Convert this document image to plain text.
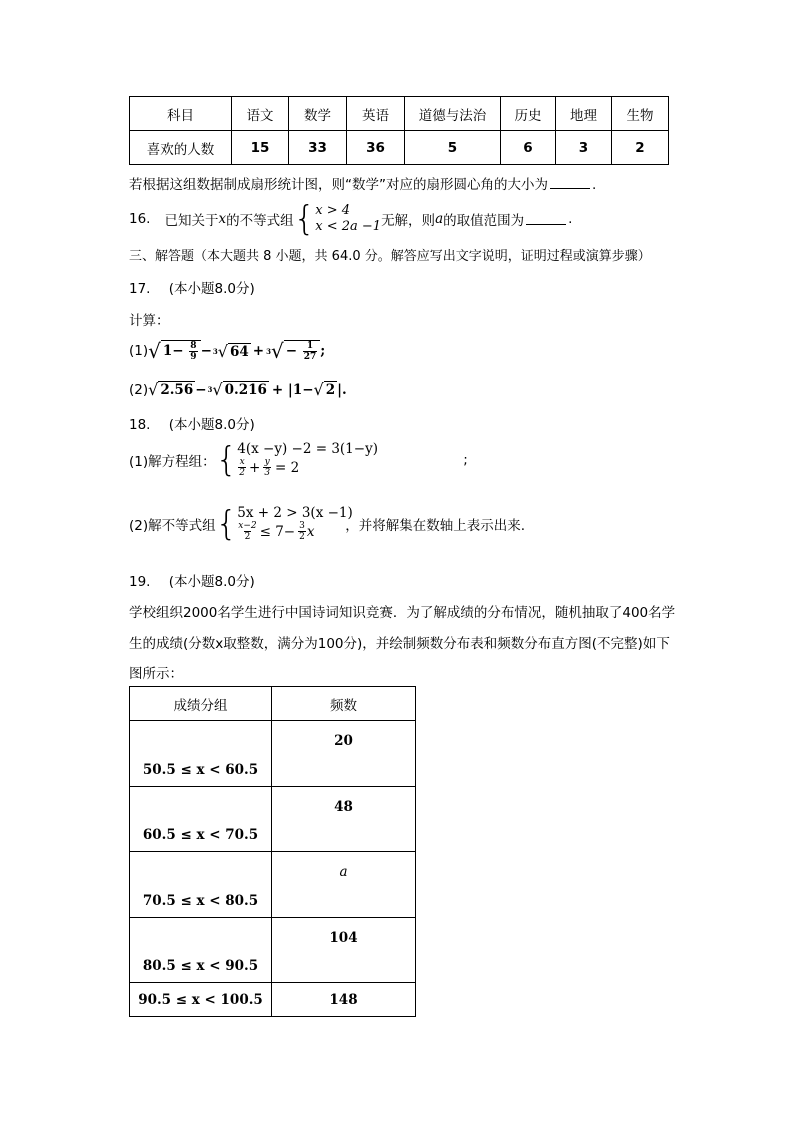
科目	语文	数学	英语	道德与法治	历史	地理	生物
喜欢的人数	15	33	36	5	6	3	2
若根据这组数据制成扇形统计图，则“数学”对应的扇形圆心角的大小为	.
16. 已知关于 x 的不等式组 { x > 4
x < 2a −1 无解，则 a 的取值范围为	.
三、解答题（本大题共 8 小题，共 64.0 分。解答应写出文字说明，证明过程或演算步骤）
17. (本小题8.0分)
计算：
(1) √ $1- \frac{8}{9} - 3$ √ 64 + 3 √ − $\frac{1}{27}$ ;
(2) √ 2.56 − 3 √ 0.216 + |1− √ 2 |.
18. (本小题8.0分)
(1)解方程组： { 4(x −y) −2 = 3(1−y)
$\frac{x}{2} + \frac{y}{3} = 2$	;
(2)解不等式组 { 5x + 2 > 3(x −1)
$\frac{x-2}{2} \le 7- \frac{3}{2}$ x ，并将解集在数轴上表示出来.
19. (本小题8.0分)
学校组织2000名学生进行中国诗词知识竞赛．为了解成绩的分布情况，随机抽取了400名学
生的成绩(分数x取整数，满分为100分)，并绘制频数分布表和频数分布直方图(不完整)如下
图所示：
成绩分组	频数
50.5 ≤ x < 60.5	20
60.5 ≤ x < 70.5	48
70.5 ≤ x < 80.5	a
80.5 ≤ x < 90.5	104
90.5 ≤ x < 100.5	148
